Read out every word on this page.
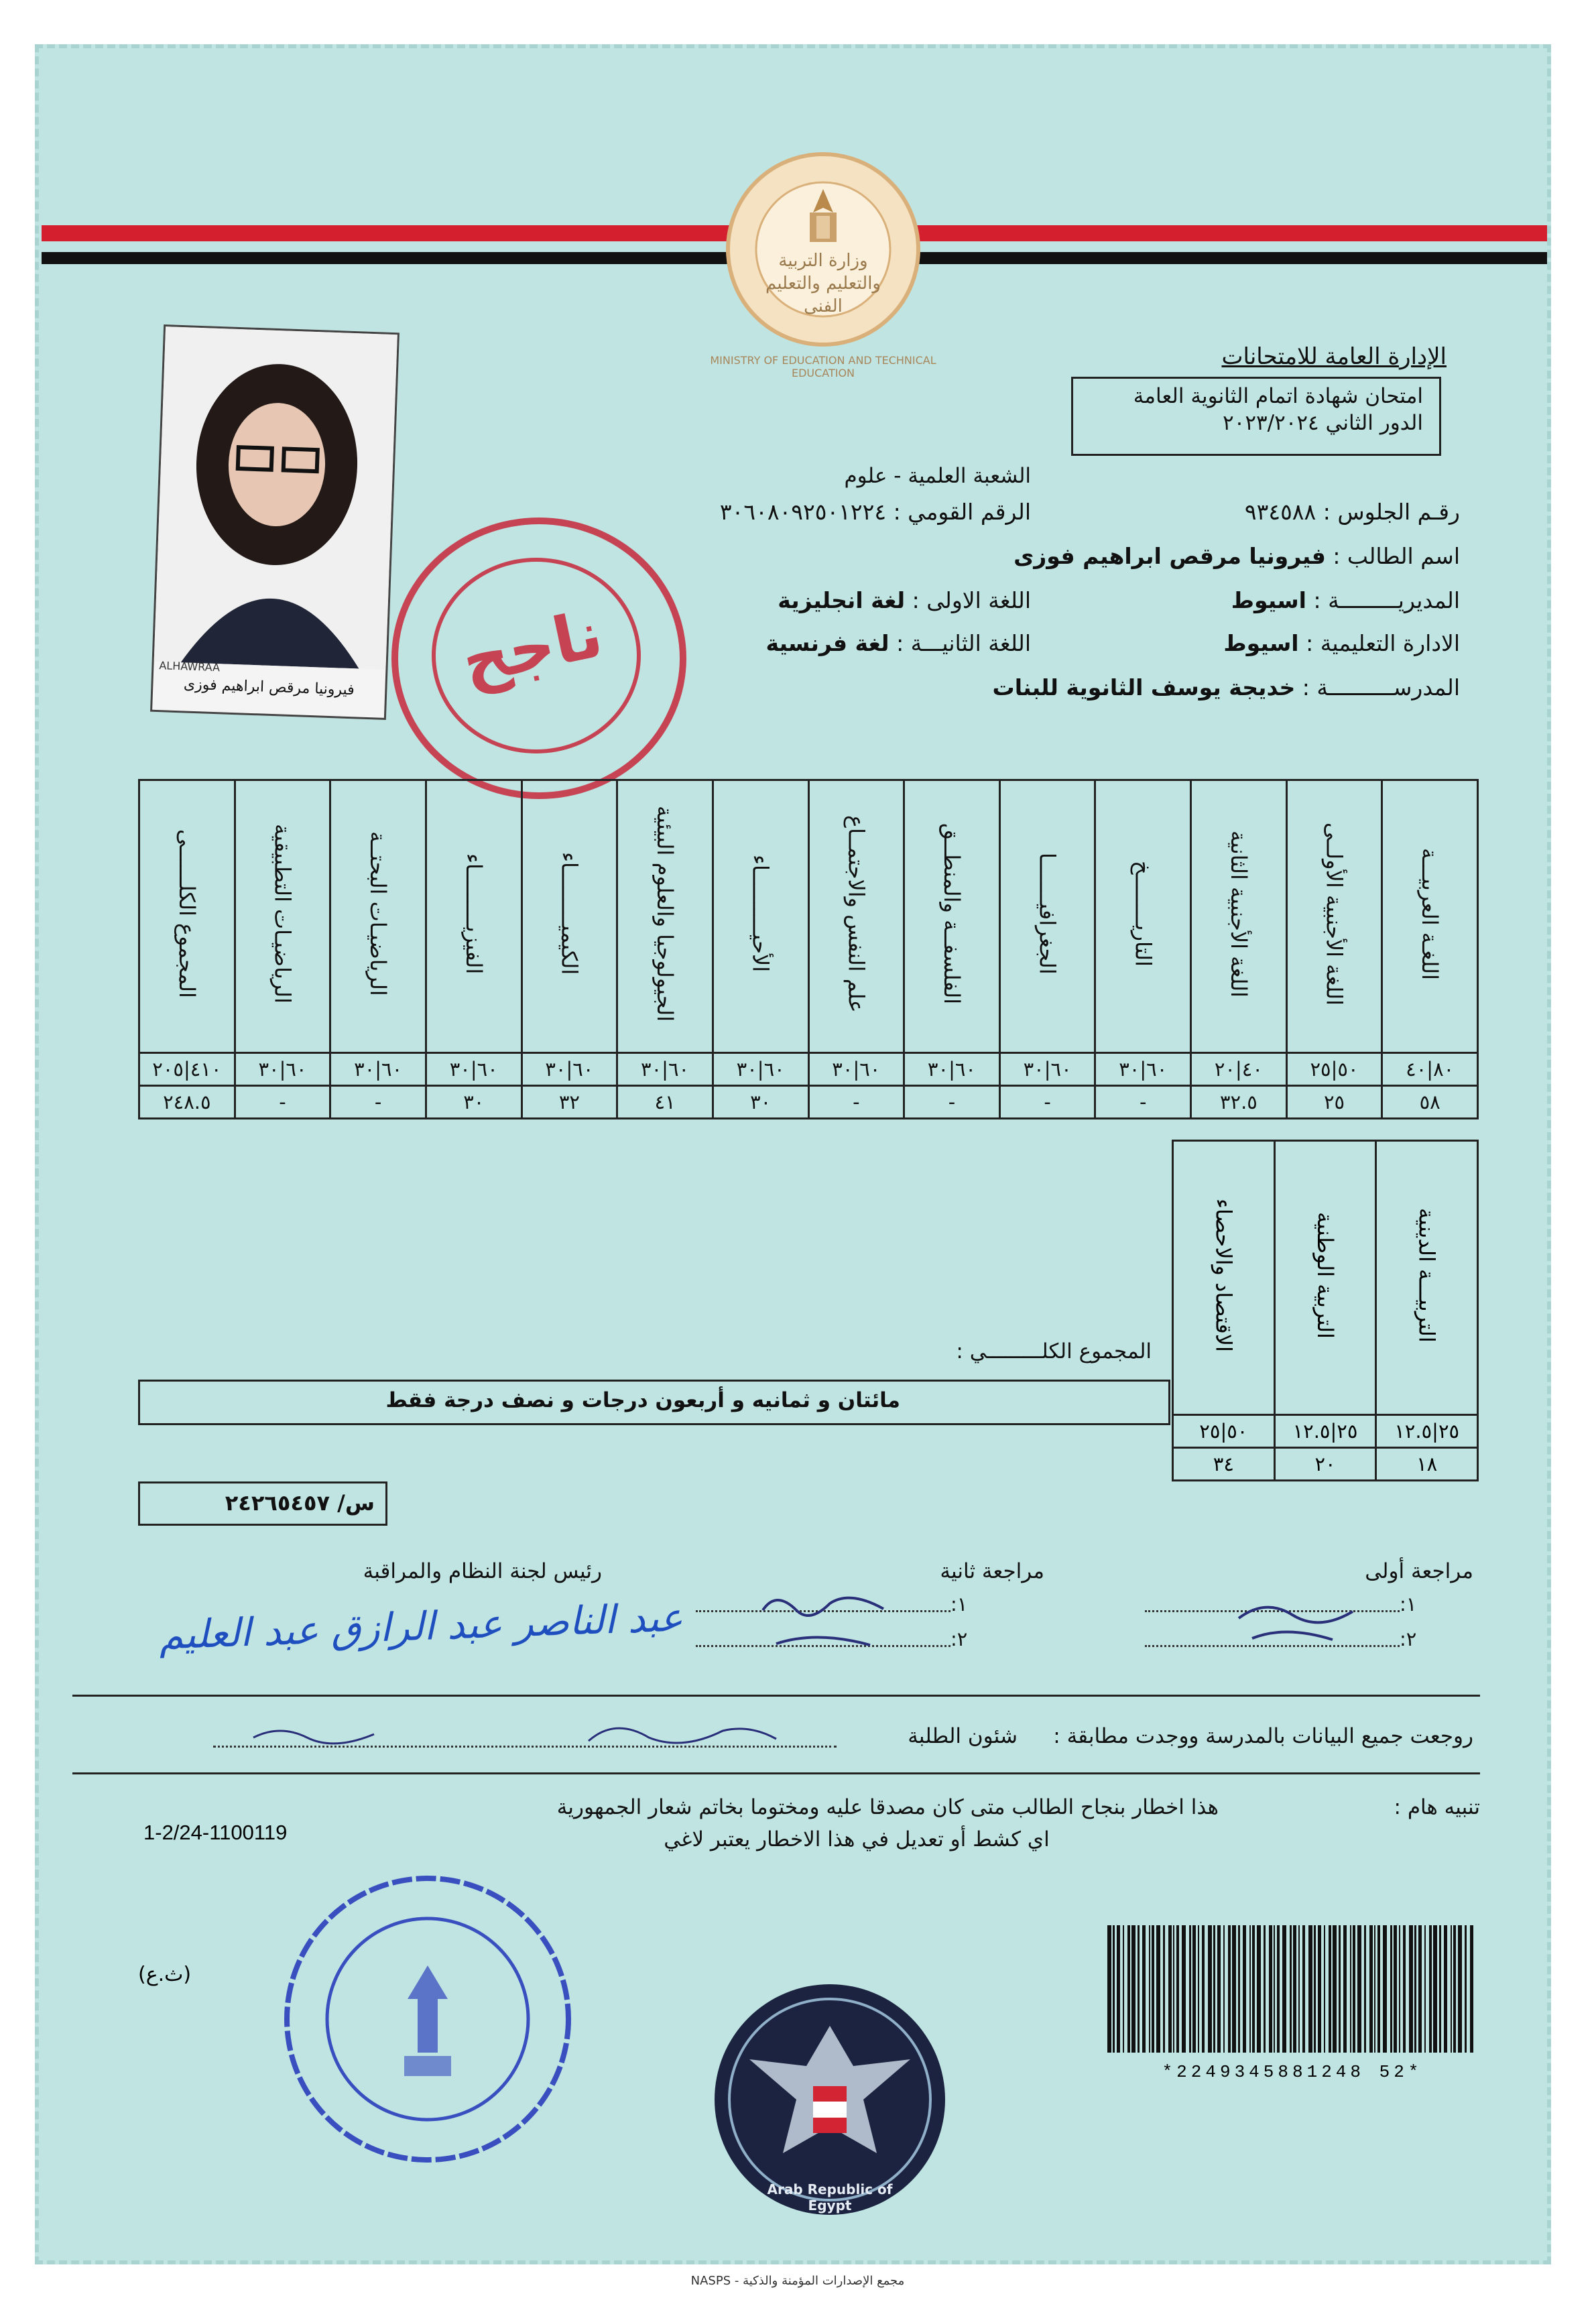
وزارة التربية والتعليم والتعليم الفنى
MINISTRY OF EDUCATION AND TECHNICAL EDUCATION
الإدارة العامة للامتحانات
امتحان شهادة اتمام الثانوية العامة
الدور الثاني ٢٠٢٣/٢٠٢٤
ALHAWRAA
فيرونيا مرقص ابراهيم فوزى	ناجح
الشعبة العلمية - علوم
رقـم الجلوس : ٩٣٤٥٨٨
الرقم القومي : ٣٠٦٠٨٠٩٢٥٠١٢٢٤
اسم الطالب : فيرونيا مرقص ابراهيم فوزى
المديريـــــــــة : اسيوط
اللغة الاولى : لغة انجليزية
الادارة التعليمية : اسيوط
اللغة الثانيـــة : لغة فرنسية
المدرســــــــــة : خديجة يوسف الثانوية للبنات
اللغـة العربيـــة	اللغة الأجنبية الأولــى	اللغة الأجنبية الثانية	التاريــــــــخ	الجغرافيـــــــا	الفلسفــة والمنطــق	علم النفس والاجتمــاع	الأحيــــــــــاء	الجيولوجيا والعلوم البيئية	الكيميـــــــــاء	الفيزيـــــــــاء	الرياضيـات البحتــة	الرياضيـات التطبيقية	المجموع الكلــــــى
٨٠|٤٠	٥٠|٢٥	٤٠|٢٠	٦٠|٣٠	٦٠|٣٠	٦٠|٣٠	٦٠|٣٠	٦٠|٣٠	٦٠|٣٠	٦٠|٣٠	٦٠|٣٠	٦٠|٣٠	٦٠|٣٠	٤١٠|٢٠٥
٥٨	٢٥	٣٢.٥	-	-	-	-	٣٠	٤١	٣٢	٣٠	-	-	٢٤٨.٥
التربيـــة الدينية	التربية الوطنية	الاقتصاد والاحصاء
٢٥|١٢.٥	٢٥|١٢.٥	٥٠|٢٥
١٨	٢٠	٣٤
المجموع الكلـــــــــي :
مائتان و ثمانيه و أربعون درجات و نصف درجة فقط
س/ ٢٤٢٦٥٤٥٧
مراجعة أولى
مراجعة ثانية
رئيس لجنة النظام والمراقبة
١:
٢:
١:
٢:
عبد الناصر عبد الرازق عبد العليم
روجعت جميع البيانات بالمدرسة ووجدت مطابقة :
شئون الطلبة
تنبيه هام :
هذا اخطار بنجاح الطالب متى كان مصدقا عليه ومختوما بخاتم شعار الجمهورية
اي كشط أو تعديل في هذا الاخطار يعتبر لاغي
1-2/24-1100119
(ث.ع)
Arab Republic of Egypt
*2249345881248 52*
مجمع الإصدارات المؤمنة والذكية - NASPS
